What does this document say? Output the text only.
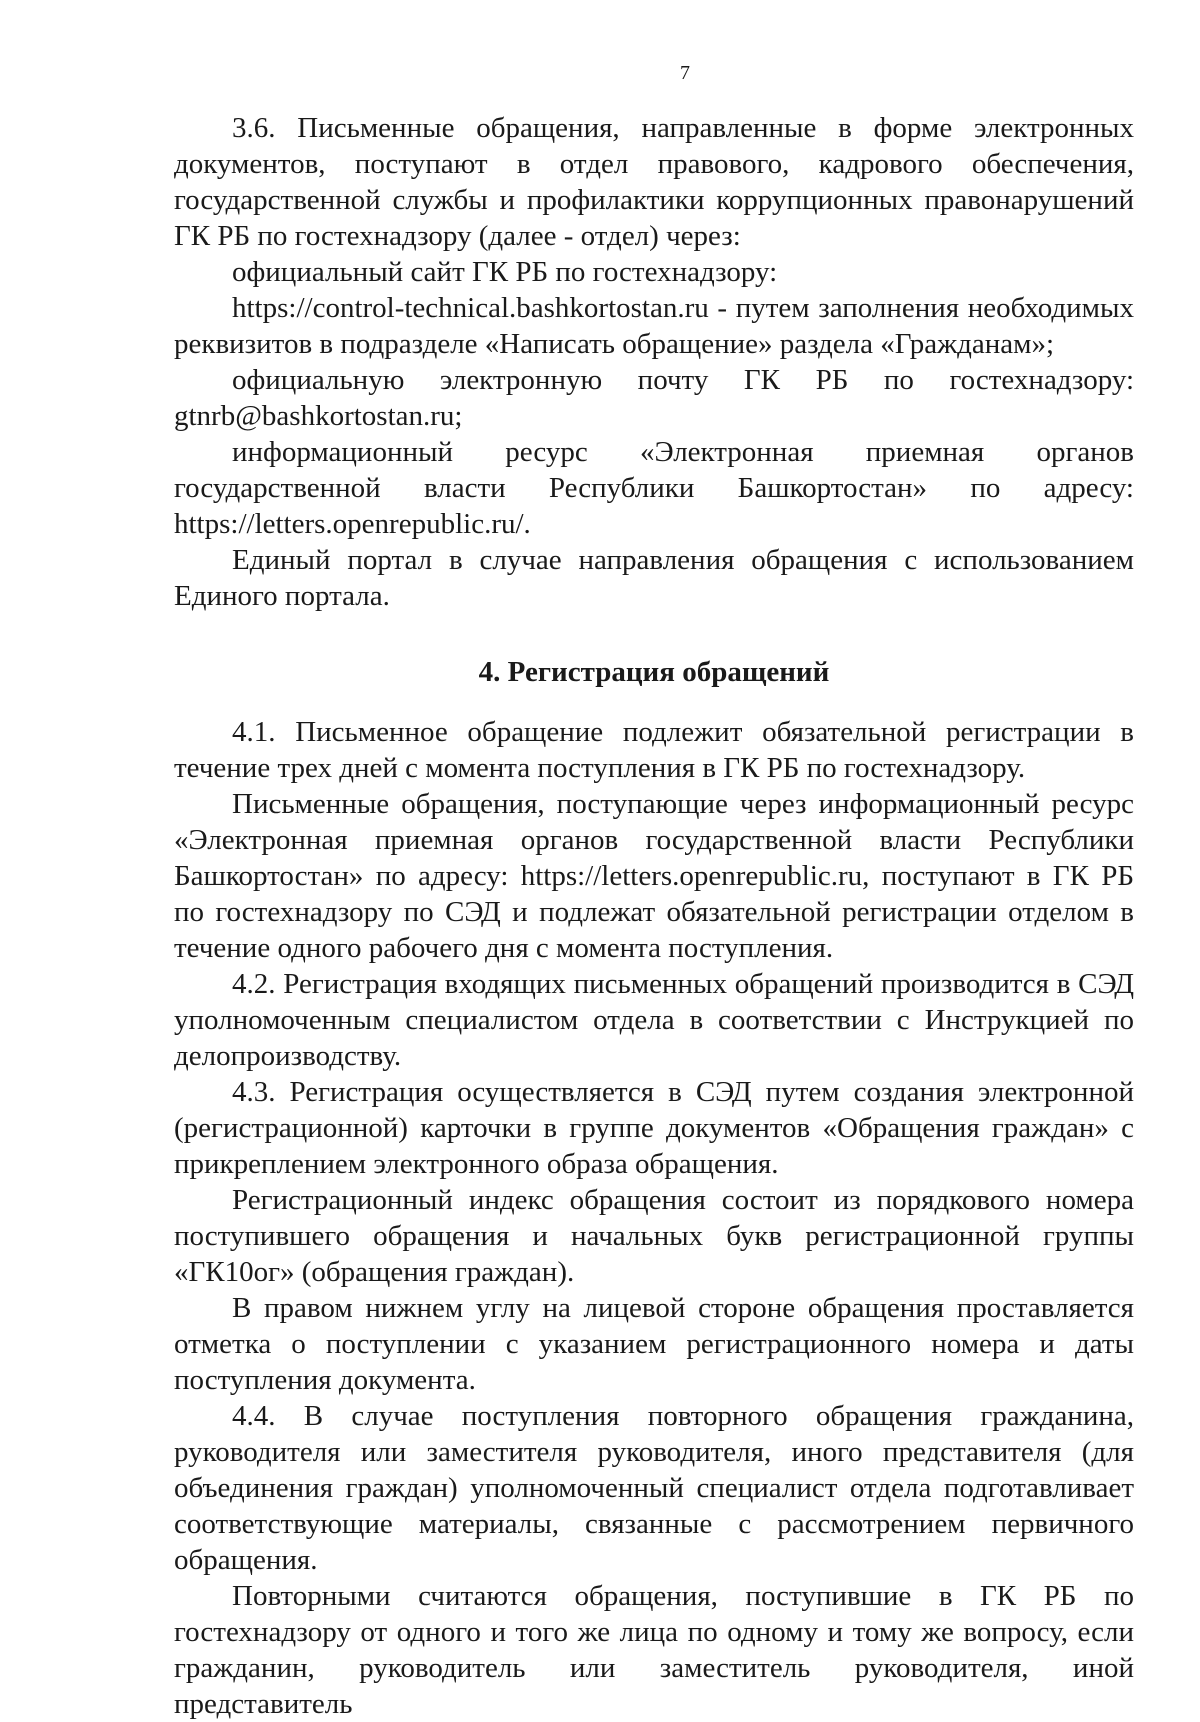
7

3.6. Письменные обращения, направленные в форме электронных документов, поступают в отдел правового, кадрового обеспечения, государственной службы и профилактики коррупционных правонарушений ГК РБ по гостехнадзору (далее - отдел) через:

официальный сайт ГК РБ по гостехнадзору:

https://control-technical.bashkortostan.ru - путем заполнения необходимых реквизитов в подразделе «Написать обращение» раздела «Гражданам»;

официальную электронную почту ГК РБ по гостехнадзору: gtnrb@bashkortostan.ru;

информационный ресурс «Электронная приемная органов государственной власти Республики Башкортостан» по адресу: https://letters.openrepublic.ru/.

Единый портал в случае направления обращения с использованием Единого портала.

4. Регистрация обращений

4.1. Письменное обращение подлежит обязательной регистрации в течение трех дней с момента поступления в ГК РБ по гостехнадзору.

Письменные обращения, поступающие через информационный ресурс «Электронная приемная органов государственной власти Республики Башкортостан» по адресу: https://letters.openrepublic.ru, поступают в ГК РБ по гостехнадзору по СЭД и подлежат обязательной регистрации отделом в течение одного рабочего дня с момента поступления.

4.2. Регистрация входящих письменных обращений производится в СЭД уполномоченным специалистом отдела в соответствии с Инструкцией по делопроизводству.

4.3. Регистрация осуществляется в СЭД путем создания электронной (регистрационной) карточки в группе документов «Обращения граждан» с прикреплением электронного образа обращения.

Регистрационный индекс обращения состоит из порядкового номера поступившего обращения и начальных букв регистрационной группы «ГК10ог» (обращения граждан).

В правом нижнем углу на лицевой стороне обращения проставляется отметка о поступлении с указанием регистрационного номера и даты поступления документа.

4.4. В случае поступления повторного обращения гражданина, руководителя или заместителя руководителя, иного представителя (для объединения граждан) уполномоченный специалист отдела подготавливает соответствующие материалы, связанные с рассмотрением первичного обращения.

Повторными считаются обращения, поступившие в ГК РБ по гостехнадзору от одного и того же лица по одному и тому же вопросу, если гражданин, руководитель или заместитель руководителя, иной представитель
